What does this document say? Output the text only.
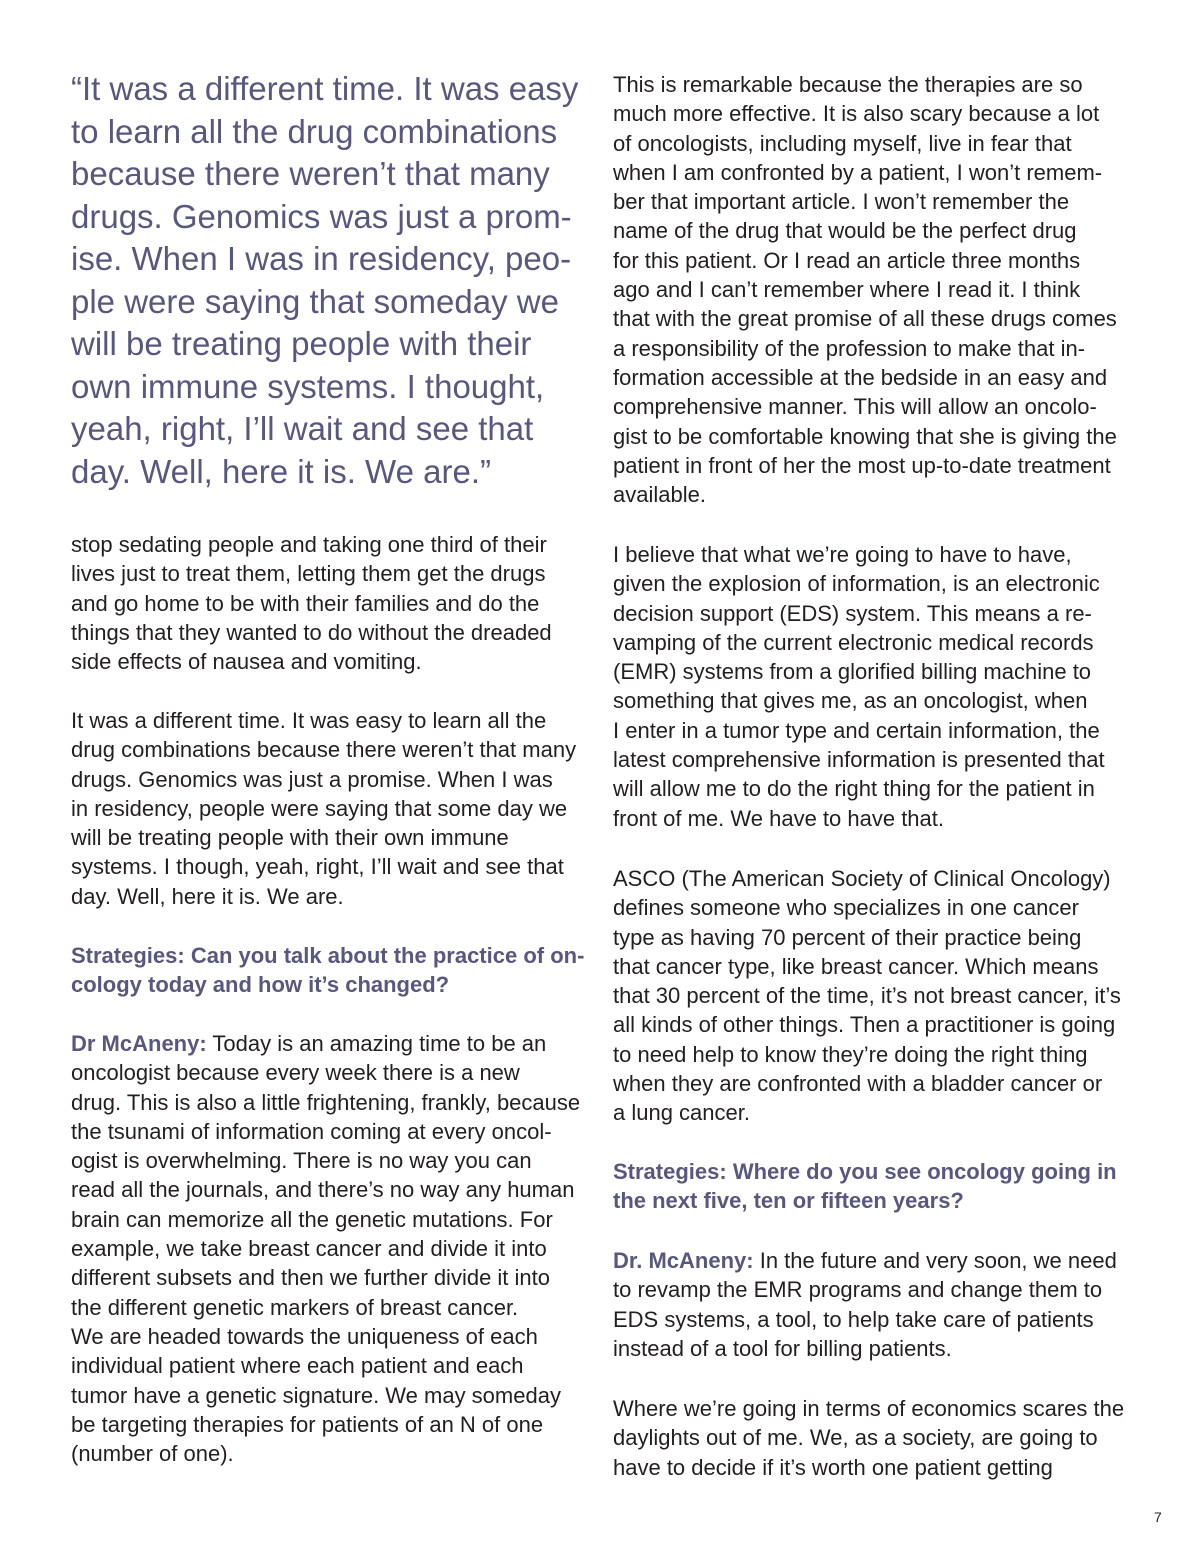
“It was a different time. It was easy
to learn all the drug combinations
because there weren’t that many
drugs. Genomics was just a prom-
ise. When I was in residency, peo-
ple were saying that someday we
will be treating people with their
own immune systems. I thought,
yeah, right, I’ll wait and see that
day. Well, here it is. We are.”
stop sedating people and taking one third of their
lives just to treat them, letting them get the drugs
and go home to be with their families and do the
things that they wanted to do without the dreaded
side effects of nausea and vomiting.
It was a different time. It was easy to learn all the
drug combinations because there weren’t that many
drugs. Genomics was just a promise. When I was
in residency, people were saying that some day we
will be treating people with their own immune
systems. I though, yeah, right, I’ll wait and see that
day. Well, here it is. We are.
Strategies: Can you talk about the practice of on-
cology today and how it’s changed?
Dr McAneny: Today is an amazing time to be an
oncologist because every week there is a new
drug. This is also a little frightening, frankly, because
the tsunami of information coming at every oncol-
ogist is overwhelming. There is no way you can
read all the journals, and there’s no way any human
brain can memorize all the genetic mutations. For
example, we take breast cancer and divide it into
different subsets and then we further divide it into
the different genetic markers of breast cancer.
We are headed towards the uniqueness of each
individual patient where each patient and each
tumor have a genetic signature. We may someday
be targeting therapies for patients of an N of one
(number of one).
This is remarkable because the therapies are so
much more effective. It is also scary because a lot
of oncologists, including myself, live in fear that
when I am confronted by a patient, I won’t remem-
ber that important article. I won’t remember the
name of the drug that would be the perfect drug
for this patient. Or I read an article three months
ago and I can’t remember where I read it. I think
that with the great promise of all these drugs comes
a responsibility of the profession to make that in-
formation accessible at the bedside in an easy and
comprehensive manner. This will allow an oncolo-
gist to be comfortable knowing that she is giving the
patient in front of her the most up-to-date treatment
available.
I believe that what we’re going to have to have,
given the explosion of information, is an electronic
decision support (EDS) system. This means a re-
vamping of the current electronic medical records
(EMR) systems from a glorified billing machine to
something that gives me, as an oncologist, when
I enter in a tumor type and certain information, the
latest comprehensive information is presented that
will allow me to do the right thing for the patient in
front of me. We have to have that.
ASCO (The American Society of Clinical Oncology)
defines someone who specializes in one cancer
type as having 70 percent of their practice being
that cancer type, like breast cancer. Which means
that 30 percent of the time, it’s not breast cancer, it’s
all kinds of other things. Then a practitioner is going
to need help to know they’re doing the right thing
when they are confronted with a bladder cancer or
a lung cancer.
Strategies: Where do you see oncology going in
the next five, ten or fifteen years?
Dr. McAneny: In the future and very soon, we need
to revamp the EMR programs and change them to
EDS systems, a tool, to help take care of patients
instead of a tool for billing patients.
Where we’re going in terms of economics scares the
daylights out of me. We, as a society, are going to
have to decide if it’s worth one patient getting
7
